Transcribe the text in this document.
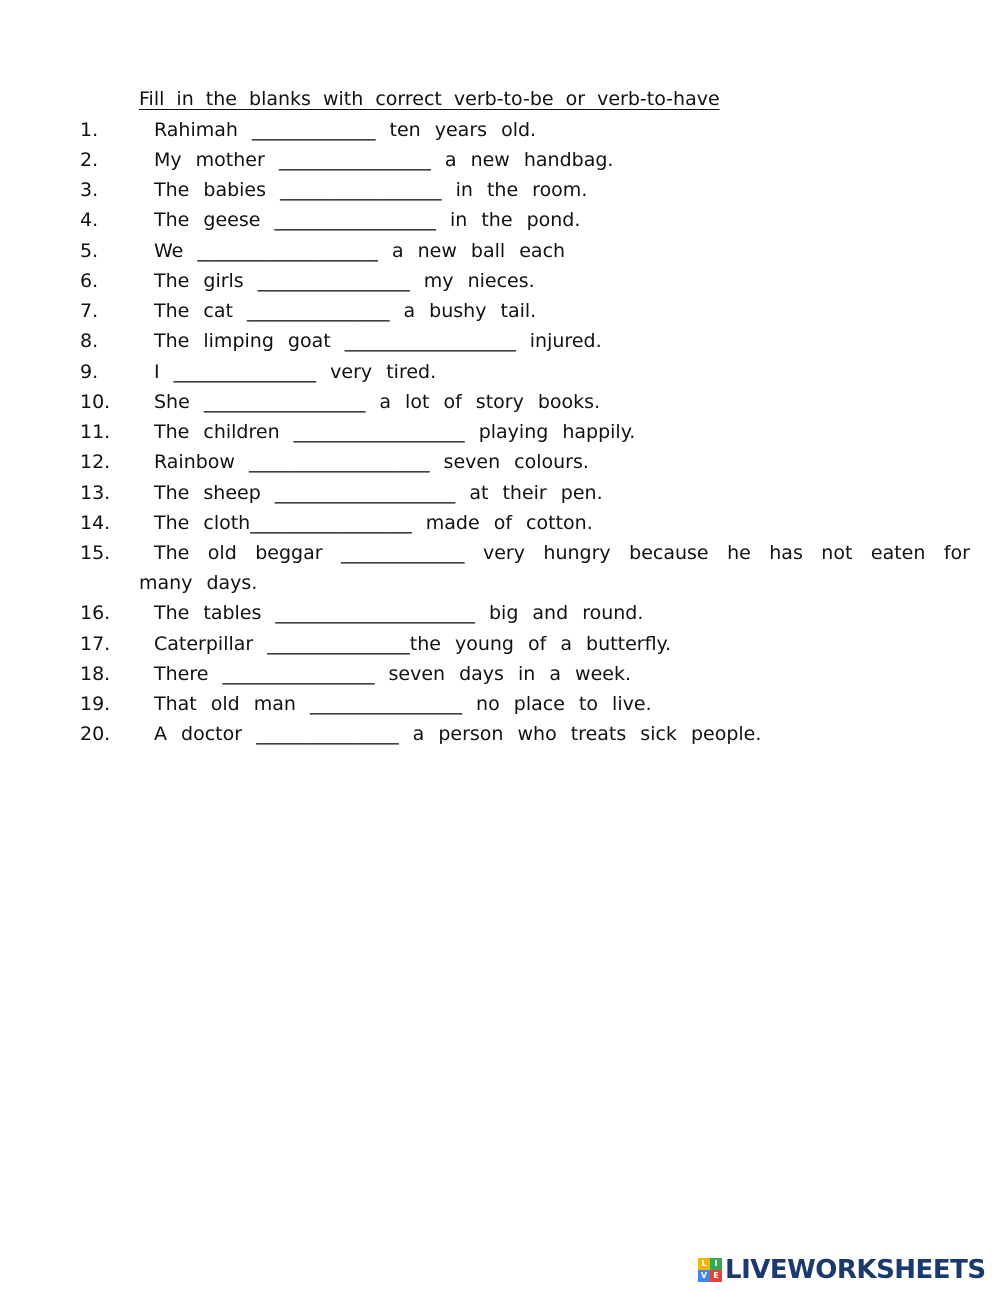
Fill in the blanks with correct verb-to-be or verb-to-have
1.	Rahimah _____________ ten years old.
2.	My mother ________________ a new handbag.
3.	The babies _________________ in the room.
4.	The geese _________________ in the pond.
5.	We ___________________ a new ball each
6.	The girls ________________ my nieces.
7.	The cat _______________ a bushy tail.
8.	The limping goat __________________ injured.
9.	I _______________ very tired.
10. She _________________ a lot of story books.
11. The children __________________ playing happily.
12. Rainbow ___________________ seven colours.
13. The sheep ___________________ at their pen.
14. The cloth_________________ made of cotton.
15. The old beggar _____________ very hungry because he has not eaten for
many days.
16. The tables _____________________ big and round.
17. Caterpillar _______________the young of a butterfly.
18. There ________________ seven days in a week.
19. That old man ________________ no place to live.
20. A doctor _______________ a person who treats sick people.
L I
V E LIVEWORKSHEETS
